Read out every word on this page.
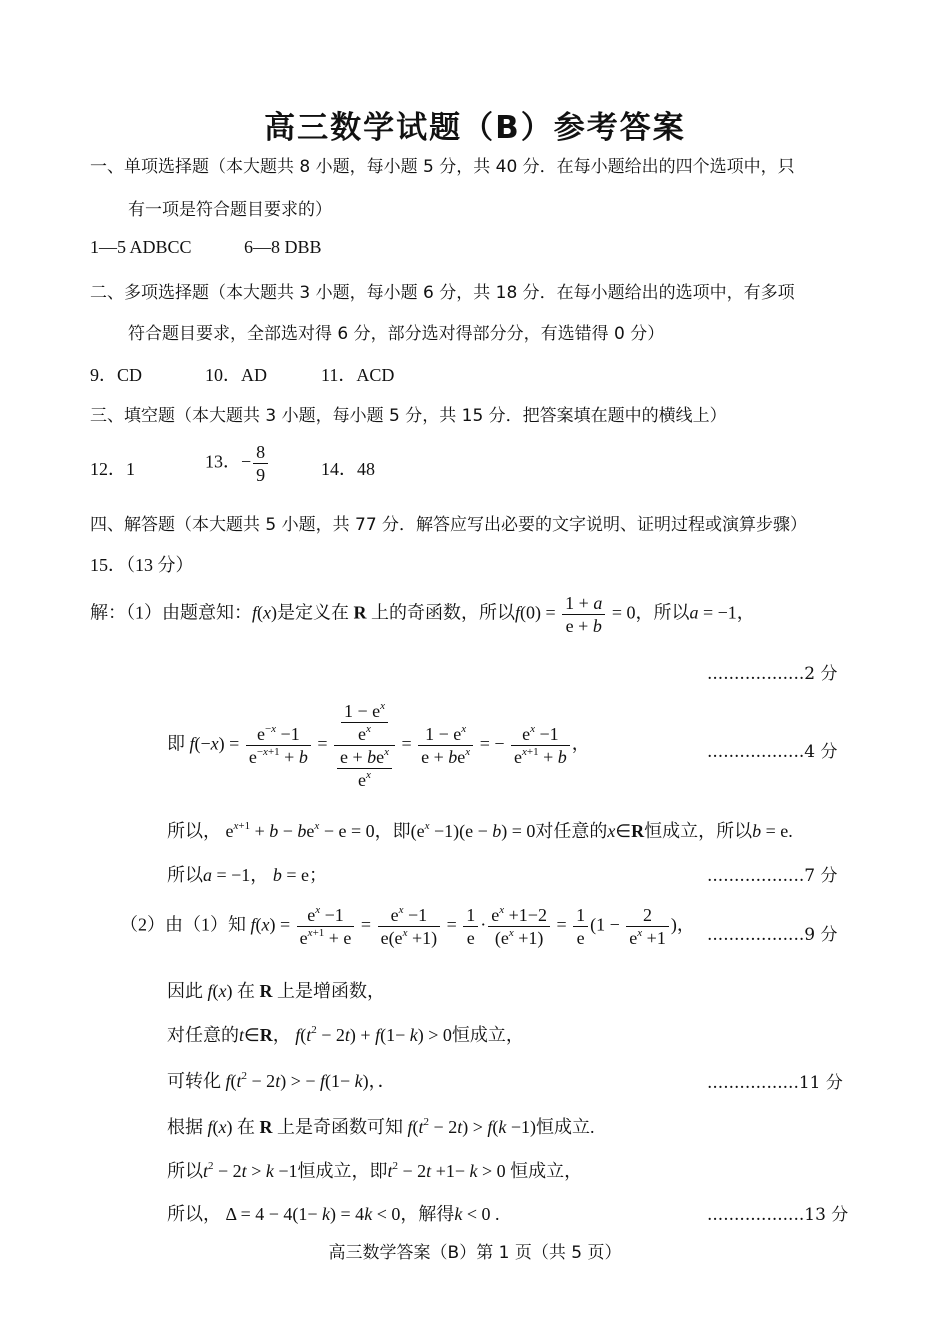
高三数学试题（B）参考答案
一、单项选择题（本大题共 8 小题，每小题 5 分，共 40 分．在每小题给出的四个选项中，只
有一项是符合题目要求的）
1—5 ADBCC	6—8 DBB
二、多项选择题（本大题共 3 小题，每小题 6 分，共 18 分．在每小题给出的选项中，有多项
符合题目要求，全部选对得 6 分，部分选对得部分分，有选错得 0 分）
9．CD	10．AD	11．ACD
三、填空题（本大题共 3 小题，每小题 5 分，共 15 分．把答案填在题中的横线上）
12．1	13．− $\frac{8}{9}$	14．48
四、解答题（本大题共 5 小题，共 77 分．解答应写出必要的文字说明、证明过程或演算步骤）
15．（13 分）
解：（1）由题意知：f(x)是定义在 R 上的奇函数，所以$f(0) = \frac{1 + a}{e + b} = 0$，所以a = −1，
..................2 分
即 $f(-x) = \frac{e^{-x} -1}{e^{-x+1} + b} = \frac{\frac{1 - e^x}{e^x}}{\frac{e + be^x}{e^x}} = \frac{1 - e^x}{e + be^x}$ = − $\frac{e^x -1}{e^{x+1} + b}$ ，	..................4 分
所以， $e^{x+1} + b - be^x - e = 0$，即$(e^x -1)(e - b) = 0$对任意的x∈R恒成立，所以b = e.
所以a = −1， b = e；	..................7 分
（2）由（1）知 $f(x) = \frac{e^x -1}{e^{x+1} + e} = \frac{e^x -1}{e(e^x +1)} = \frac{1}{e} \cdot \frac{e^x +1-2}{(e^x +1)} = \frac{1}{e} (1 - \frac{2}{e^x +1}$ )，
..................9 分
因此 f(x) 在 R 上是增函数，
对任意的t∈R， $f(t^2 - 2t) + f(1- k) > 0$恒成立，
可转化 $f(t^2 - 2t)$ > − f(1− k)，．	.................11 分
根据 f(x) 在 R 上是奇函数可知 $f(t^2 - 2t) > f(k -1)$恒成立.
所以$t^2 - 2t > k -1$恒成立，即$t^2 - 2t +1- k > 0$ 恒成立，
所以， Δ = 4 − 4(1− k) = 4k < 0，解得k < 0 .	..................13 分
高三数学答案（B）第 1 页（共 5 页）
